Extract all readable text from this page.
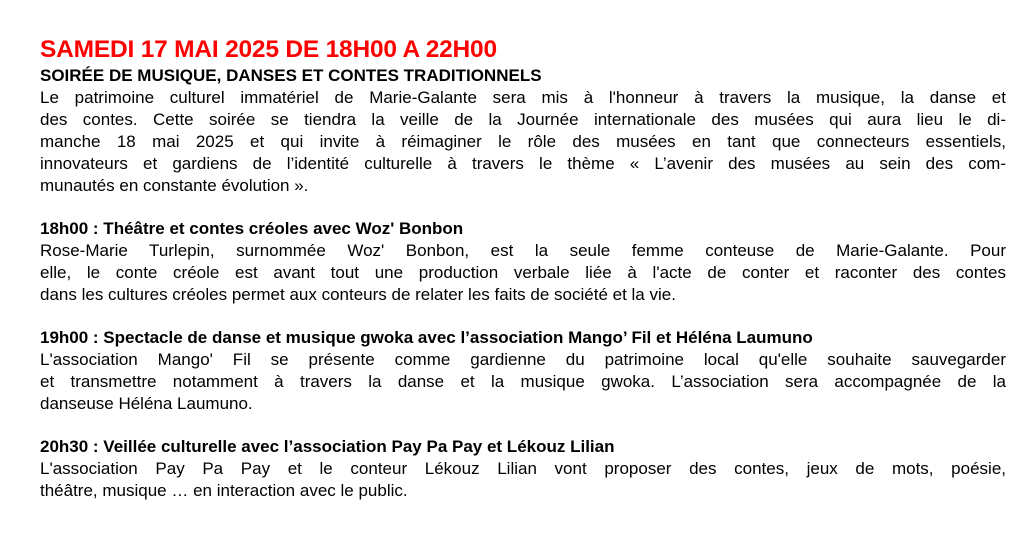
SAMEDI 17 MAI 2025 DE 18H00 A 22H00
SOIRÉE DE MUSIQUE, DANSES ET CONTES TRADITIONNELS
Le patrimoine culturel immatériel de Marie-Galante sera mis à l'honneur à travers la musique, la danse et
des contes. Cette soirée se tiendra la veille de la Journée internationale des musées qui aura lieu le di-
manche 18 mai 2025 et qui invite à réimaginer le rôle des musées en tant que connecteurs essentiels,
innovateurs et gardiens de l’identité culturelle à travers le thème « L’avenir des musées au sein des com-
munautés en constante évolution ».
18h00 : Théâtre et contes créoles avec Woz' Bonbon
Rose-Marie Turlepin, surnommée Woz' Bonbon, est la seule femme conteuse de Marie-Galante. Pour
elle, le conte créole est avant tout une production verbale liée à l'acte de conter et raconter des contes
dans les cultures créoles permet aux conteurs de relater les faits de société et la vie.
19h00 : Spectacle de danse et musique gwoka avec l’association Mango’ Fil et Héléna Laumuno
L'association Mango' Fil se présente comme gardienne du patrimoine local qu'elle souhaite sauvegarder
et transmettre notamment à travers la danse et la musique gwoka. L’association sera accompagnée de la
danseuse Héléna Laumuno.
20h30 : Veillée culturelle avec l’association Pay Pa Pay et Lékouz Lilian
L'association Pay Pa Pay et le conteur Lékouz Lilian vont proposer des contes, jeux de mots, poésie,
théâtre, musique … en interaction avec le public.
